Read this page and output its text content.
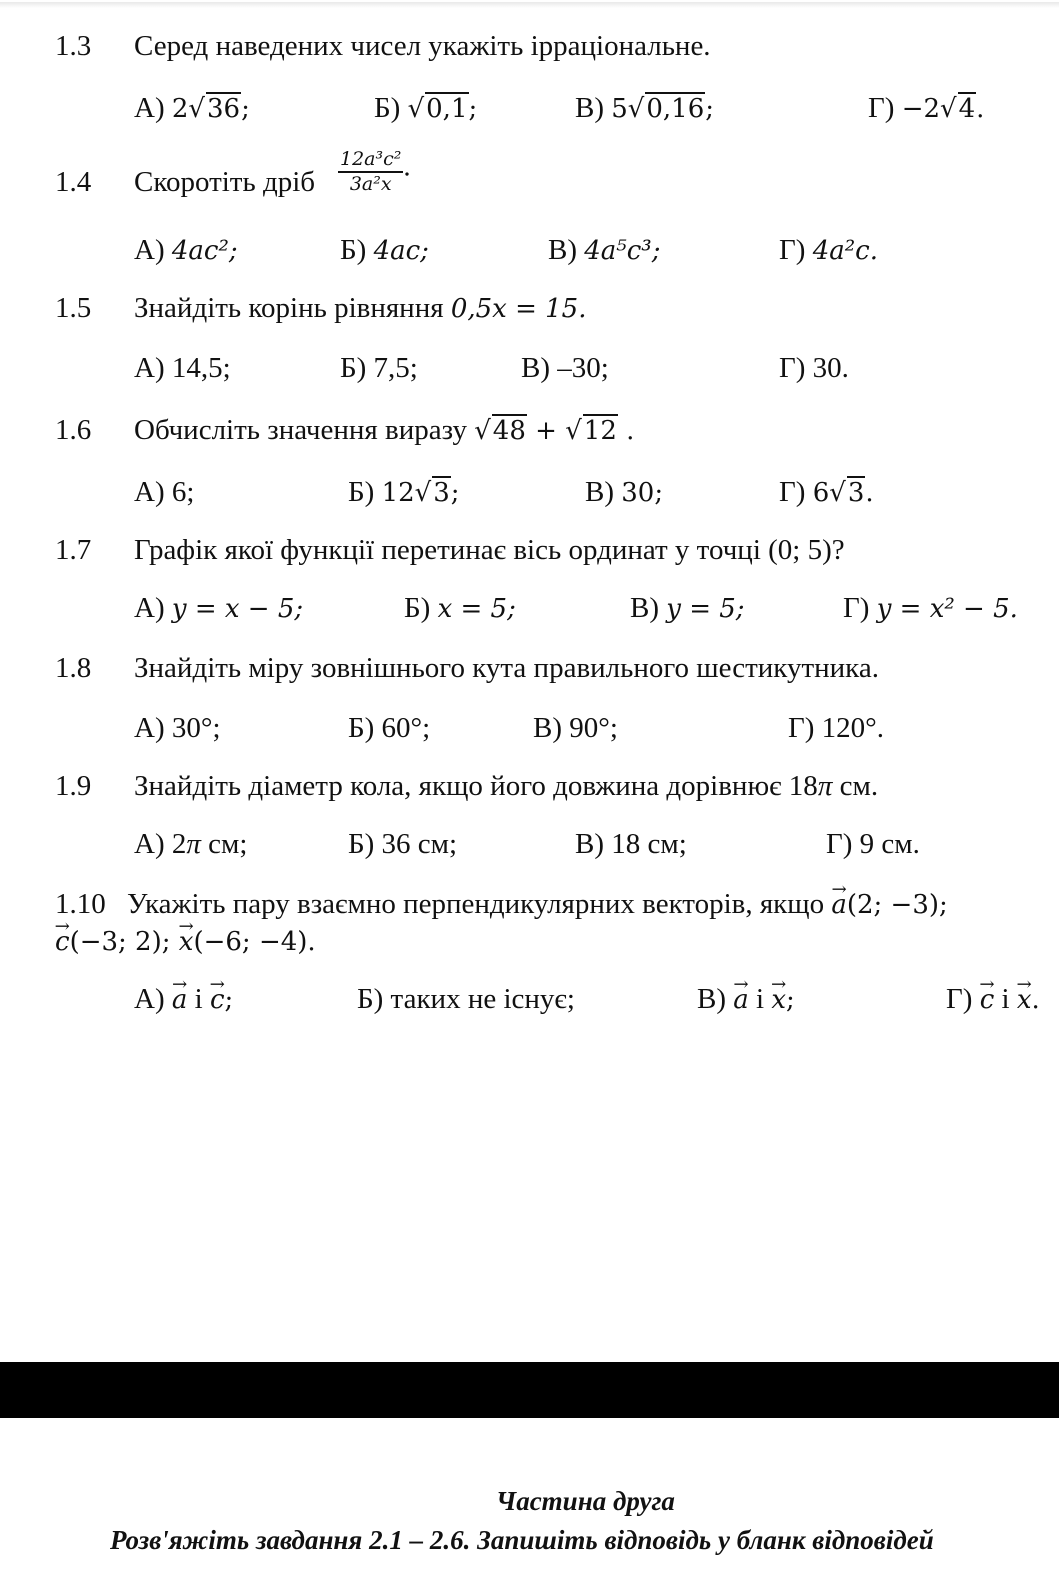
1.3 Серед наведених чисел укажіть ірраціональне.
А) 2√36;	Б) √0,1;	В) 5√0,16;	Г) −2√4.
1.4 Скоротіть дріб $\frac{\text{12a³c²}}{\text{3a²x}}$ .
А) 4ac²;	Б) 4ac;	В) 4a⁵c³;	Г) 4a²c.
1.5 Знайдіть корінь рівняння 0,5x = 15.
А) 14,5;	Б) 7,5;	В) –30;	Г) 30.
1.6 Обчисліть значення виразу √48 + √12 .
А) 6;	Б) 12√3;	В) 30;	Г) 6√3.
1.7 Графік якої функції перетинає вісь ординат у точці (0; 5)?
А) y = x − 5;	Б) x = 5;	В) y = 5;	Г) y = x² − 5.
1.8 Знайдіть міру зовнішнього кута правильного шестикутника.
А) 30°;	Б) 60°;	В) 90°;	Г) 120°.
1.9 Знайдіть діаметр кола, якщо його довжина дорівнює 18π см.
А) 2π см;	Б) 36 см;	В) 18 см;	Г) 9 см.
1.10 Укажіть пару взаємно перпендикулярних векторів, якщо → a(2; −3);
→ c(−3; 2); → x(−6; −4).
А) → a і → c;	Б) таких не існує;	В) → a і → x;	Г) → c і → x.
Частина друга
Розв'яжіть завдання 2.1 – 2.6. Запишіть відповідь у бланк відповідей
